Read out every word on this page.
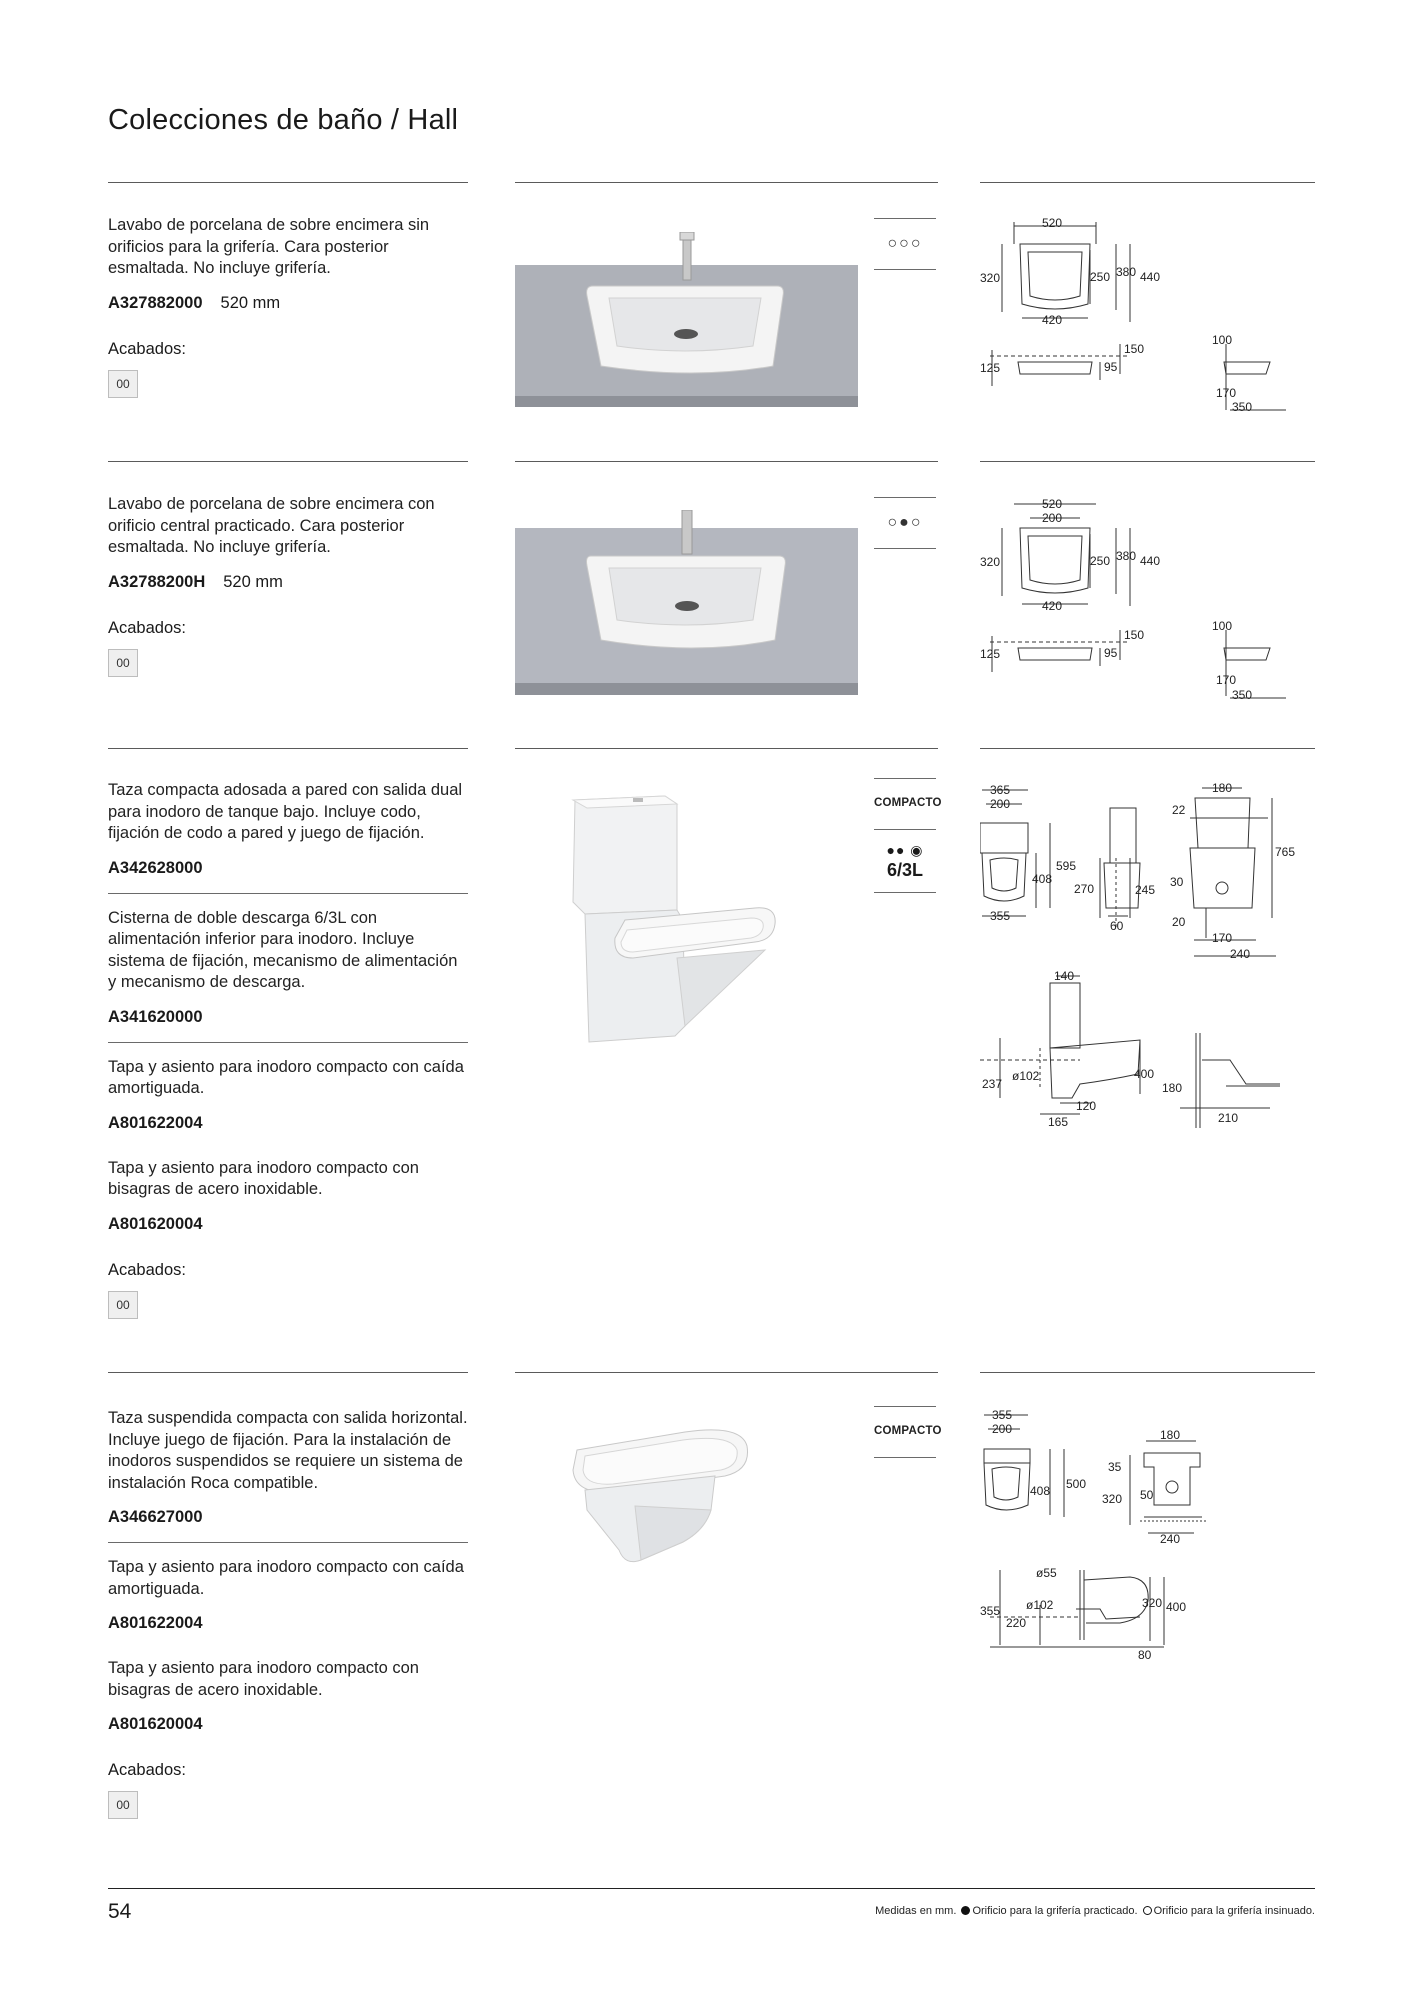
Colecciones de baño / Hall

Lavabo de porcelana de sobre encimera sin orificios para la grifería. Cara posterior esmaltada. No incluye grifería.

A327882000 520 mm
Acabados:
00
○○○
520
320	250 380 440
420
150
125	95
100
170
350

Lavabo de porcelana de sobre encimera con orificio central practicado. Cara posterior esmaltada. No incluye grifería.

A32788200H 520 mm
Acabados:
00
○●○
520
200
320	250 380 440
420
150
125	95
100
170
350

Taza compacta adosada a pared con salida dual para inodoro de tanque bajo. Incluye codo, fijación de codo a pared y juego de fijación.

A342628000

Cisterna de doble descarga 6/3L con alimentación inferior para inodoro. Incluye sistema de fijación, mecanismo de alimentación y mecanismo de descarga.

A341620000

Tapa y asiento para inodoro compacto con caída amortiguada.

A801622004

Tapa y asiento para inodoro compacto con bisagras de acero inoxidable.

A801620004
Acabados:
00
COMPACTO
●● ◉
6/3L
365
200
595
408
355
270	245
60
180
22
765
30
20
170
240
140
400
237
ø102
120
165
180
210

Taza suspendida compacta con salida horizontal. Incluye juego de fijación. Para la instalación de inodoros suspendidos se requiere un sistema de instalación Roca compatible.

A346627000

Tapa y asiento para inodoro compacto con caída amortiguada.

A801622004

Tapa y asiento para inodoro compacto con bisagras de acero inoxidable.

A801620004
Acabados:
00
COMPACTO
355
200
408 500
180
35
320 50
240
ø55
355 ø102
220
320 400
80
54	Medidas en mm. Orificio para la grifería practicado. Orificio para la grifería insinuado.
